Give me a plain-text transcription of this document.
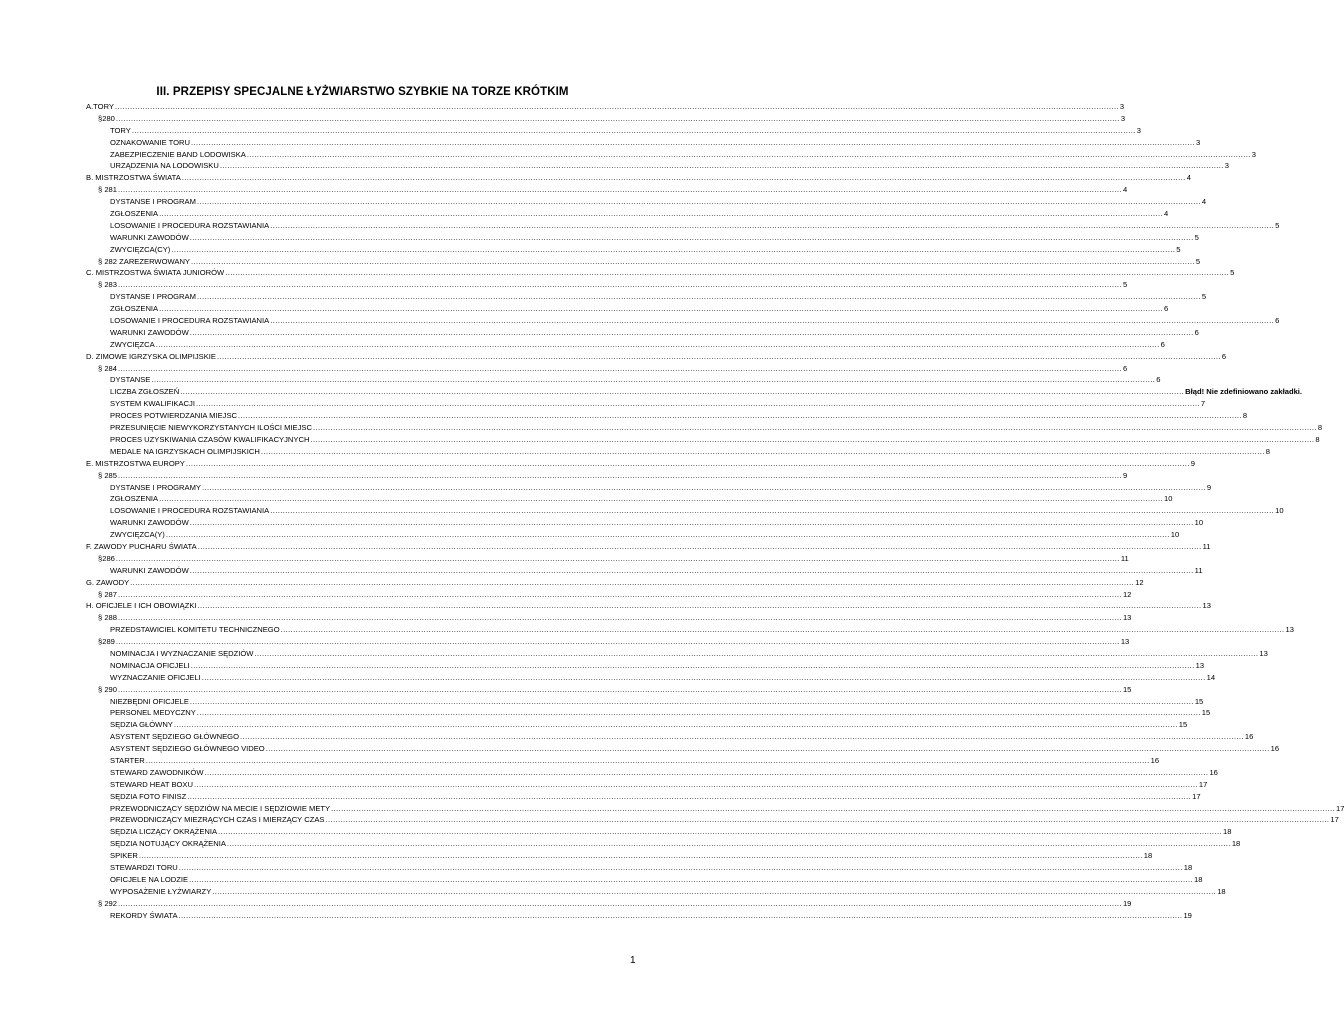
III. PRZEPISY SPECJALNE ŁYŻWIARSTWO SZYBKIE NA TORZE KRÓTKIM
A.TORY ................................................................................................................................................................................................................................................................................................................................................................................................................ 3
§280 ................................................................................................................................................................................................................................................................................................................................................................................................................ 3
TORY ................................................................................................................................................................................................................................................................................................................................................................................................................ 3
OZNAKOWANIE TORU ................................................................................................................................................................................................................................................................................................................................................................................................................ 3
ZABEZPIECZENIE BAND LODOWISKA ................................................................................................................................................................................................................................................................................................................................................................................................................ 3
URZĄDZENIA NA LODOWISKU ................................................................................................................................................................................................................................................................................................................................................................................................................ 3
B. MISTRZOSTWA ŚWIATA ................................................................................................................................................................................................................................................................................................................................................................................................................ 4
§ 281 ................................................................................................................................................................................................................................................................................................................................................................................................................ 4
DYSTANSE I PROGRAM ................................................................................................................................................................................................................................................................................................................................................................................................................ 4
ZGŁOSZENIA ................................................................................................................................................................................................................................................................................................................................................................................................................ 4
LOSOWANIE I PROCEDURA ROZSTAWIANIA ................................................................................................................................................................................................................................................................................................................................................................................................................ 5
WARUNKI ZAWODÓW ................................................................................................................................................................................................................................................................................................................................................................................................................ 5
ZWYCIĘZCA(CY) ................................................................................................................................................................................................................................................................................................................................................................................................................ 5
§ 282 ZAREZERWOWANY ................................................................................................................................................................................................................................................................................................................................................................................................................ 5
C. MISTRZOSTWA ŚWIATA JUNIORÓW ................................................................................................................................................................................................................................................................................................................................................................................................................ 5
§ 283 ................................................................................................................................................................................................................................................................................................................................................................................................................ 5
DYSTANSE I PROGRAM ................................................................................................................................................................................................................................................................................................................................................................................................................ 5
ZGŁOSZENIA ................................................................................................................................................................................................................................................................................................................................................................................................................ 6
LOSOWANIE I PROCEDURA ROZSTAWIANIA ................................................................................................................................................................................................................................................................................................................................................................................................................ 6
WARUNKI ZAWODÓW ................................................................................................................................................................................................................................................................................................................................................................................................................ 6
ZWYCIĘZCA ................................................................................................................................................................................................................................................................................................................................................................................................................ 6
D. ZIMOWE IGRZYSKA OLIMPIJSKIE ................................................................................................................................................................................................................................................................................................................................................................................................................ 6
§ 284 ................................................................................................................................................................................................................................................................................................................................................................................................................ 6
DYSTANSE ................................................................................................................................................................................................................................................................................................................................................................................................................ 6
LICZBA ZGŁOSZEŃ ................................................................................................................................................................................................................................................................................................................................................................................................................ Błąd! Nie zdefiniowano zakładki.
SYSTEM KWALIFIKACJI ................................................................................................................................................................................................................................................................................................................................................................................................................ 7
PROCES POTWIERDZANIA MIEJSC ................................................................................................................................................................................................................................................................................................................................................................................................................ 8
PRZESUNIĘCIE NIEWYKORZYSTANYCH ILOŚCI MIEJSC ................................................................................................................................................................................................................................................................................................................................................................................................................ 8
PROCES UZYSKIWANIA CZASÓW KWALIFIKACYJNYCH ................................................................................................................................................................................................................................................................................................................................................................................................................ 8
MEDALE NA IGRZYSKACH OLIMPIJSKICH ................................................................................................................................................................................................................................................................................................................................................................................................................ 8
E. MISTRZOSTWA EUROPY ................................................................................................................................................................................................................................................................................................................................................................................................................ 9
§ 285 ................................................................................................................................................................................................................................................................................................................................................................................................................ 9
DYSTANSE I PROGRAMY ................................................................................................................................................................................................................................................................................................................................................................................................................ 9
ZGŁOSZENIA ................................................................................................................................................................................................................................................................................................................................................................................................................ 10
LOSOWANIE I PROCEDURA ROZSTAWIANIA ................................................................................................................................................................................................................................................................................................................................................................................................................ 10
WARUNKI ZAWODÓW ................................................................................................................................................................................................................................................................................................................................................................................................................ 10
ZWYCIĘZCA(Y) ................................................................................................................................................................................................................................................................................................................................................................................................................ 10
F. ZAWODY PUCHARU ŚWIATA ................................................................................................................................................................................................................................................................................................................................................................................................................ 11
§286 ................................................................................................................................................................................................................................................................................................................................................................................................................ 11
WARUNKI ZAWODÓW ................................................................................................................................................................................................................................................................................................................................................................................................................ 11
G. ZAWODY ................................................................................................................................................................................................................................................................................................................................................................................................................ 12
§ 287 ................................................................................................................................................................................................................................................................................................................................................................................................................ 12
H. OFICJELE I ICH OBOWIĄZKI ................................................................................................................................................................................................................................................................................................................................................................................................................ 13
§ 288 ................................................................................................................................................................................................................................................................................................................................................................................................................ 13
PRZEDSTAWICIEL KOMITETU TECHNICZNEGO ................................................................................................................................................................................................................................................................................................................................................................................................................ 13
§289 ................................................................................................................................................................................................................................................................................................................................................................................................................ 13
NOMINACJA I WYZNACZANIE SĘDZIÓW ................................................................................................................................................................................................................................................................................................................................................................................................................ 13
NOMINACJA OFICJELI ................................................................................................................................................................................................................................................................................................................................................................................................................ 13
WYZNACZANIE OFICJELI ................................................................................................................................................................................................................................................................................................................................................................................................................ 14
§ 290 ................................................................................................................................................................................................................................................................................................................................................................................................................ 15
NIEZBĘDNI OFICJELE ................................................................................................................................................................................................................................................................................................................................................................................................................ 15
PERSONEL MEDYCZNY ................................................................................................................................................................................................................................................................................................................................................................................................................ 15
SĘDZIA GŁÓWNY ................................................................................................................................................................................................................................................................................................................................................................................................................ 15
ASYSTENT SĘDZIEGO GŁÓWNEGO ................................................................................................................................................................................................................................................................................................................................................................................................................ 16
ASYSTENT SĘDZIEGO GŁÓWNEGO VIDEO ................................................................................................................................................................................................................................................................................................................................................................................................................ 16
STARTER ................................................................................................................................................................................................................................................................................................................................................................................................................ 16
STEWARD ZAWODNIKÓW ................................................................................................................................................................................................................................................................................................................................................................................................................ 16
STEWARD HEAT BOXU ................................................................................................................................................................................................................................................................................................................................................................................................................ 17
SĘDZIA FOTO FINISZ ................................................................................................................................................................................................................................................................................................................................................................................................................ 17
PRZEWODNICZĄCY SĘDZIÓW NA MECIE I SĘDZIOWIE METY ................................................................................................................................................................................................................................................................................................................................................................................................................ 17
PRZEWODNICZĄCY MIEZRĄCYCH CZAS I MIERZĄCY CZAS ................................................................................................................................................................................................................................................................................................................................................................................................................ 17
SĘDZIA LICZĄCY OKRĄŻENIA ................................................................................................................................................................................................................................................................................................................................................................................................................ 18
SĘDZIA NOTUJĄCY OKRĄŻENIA ................................................................................................................................................................................................................................................................................................................................................................................................................ 18
SPIKER ................................................................................................................................................................................................................................................................................................................................................................................................................ 18
STEWARDZI TORU ................................................................................................................................................................................................................................................................................................................................................................................................................ 18
OFICJELE NA LODZIE ................................................................................................................................................................................................................................................................................................................................................................................................................ 18
WYPOSAŻENIE ŁYŻWIARZY ................................................................................................................................................................................................................................................................................................................................................................................................................ 18
§ 292 ................................................................................................................................................................................................................................................................................................................................................................................................................ 19
REKORDY ŚWIATA ................................................................................................................................................................................................................................................................................................................................................................................................................ 19
1
